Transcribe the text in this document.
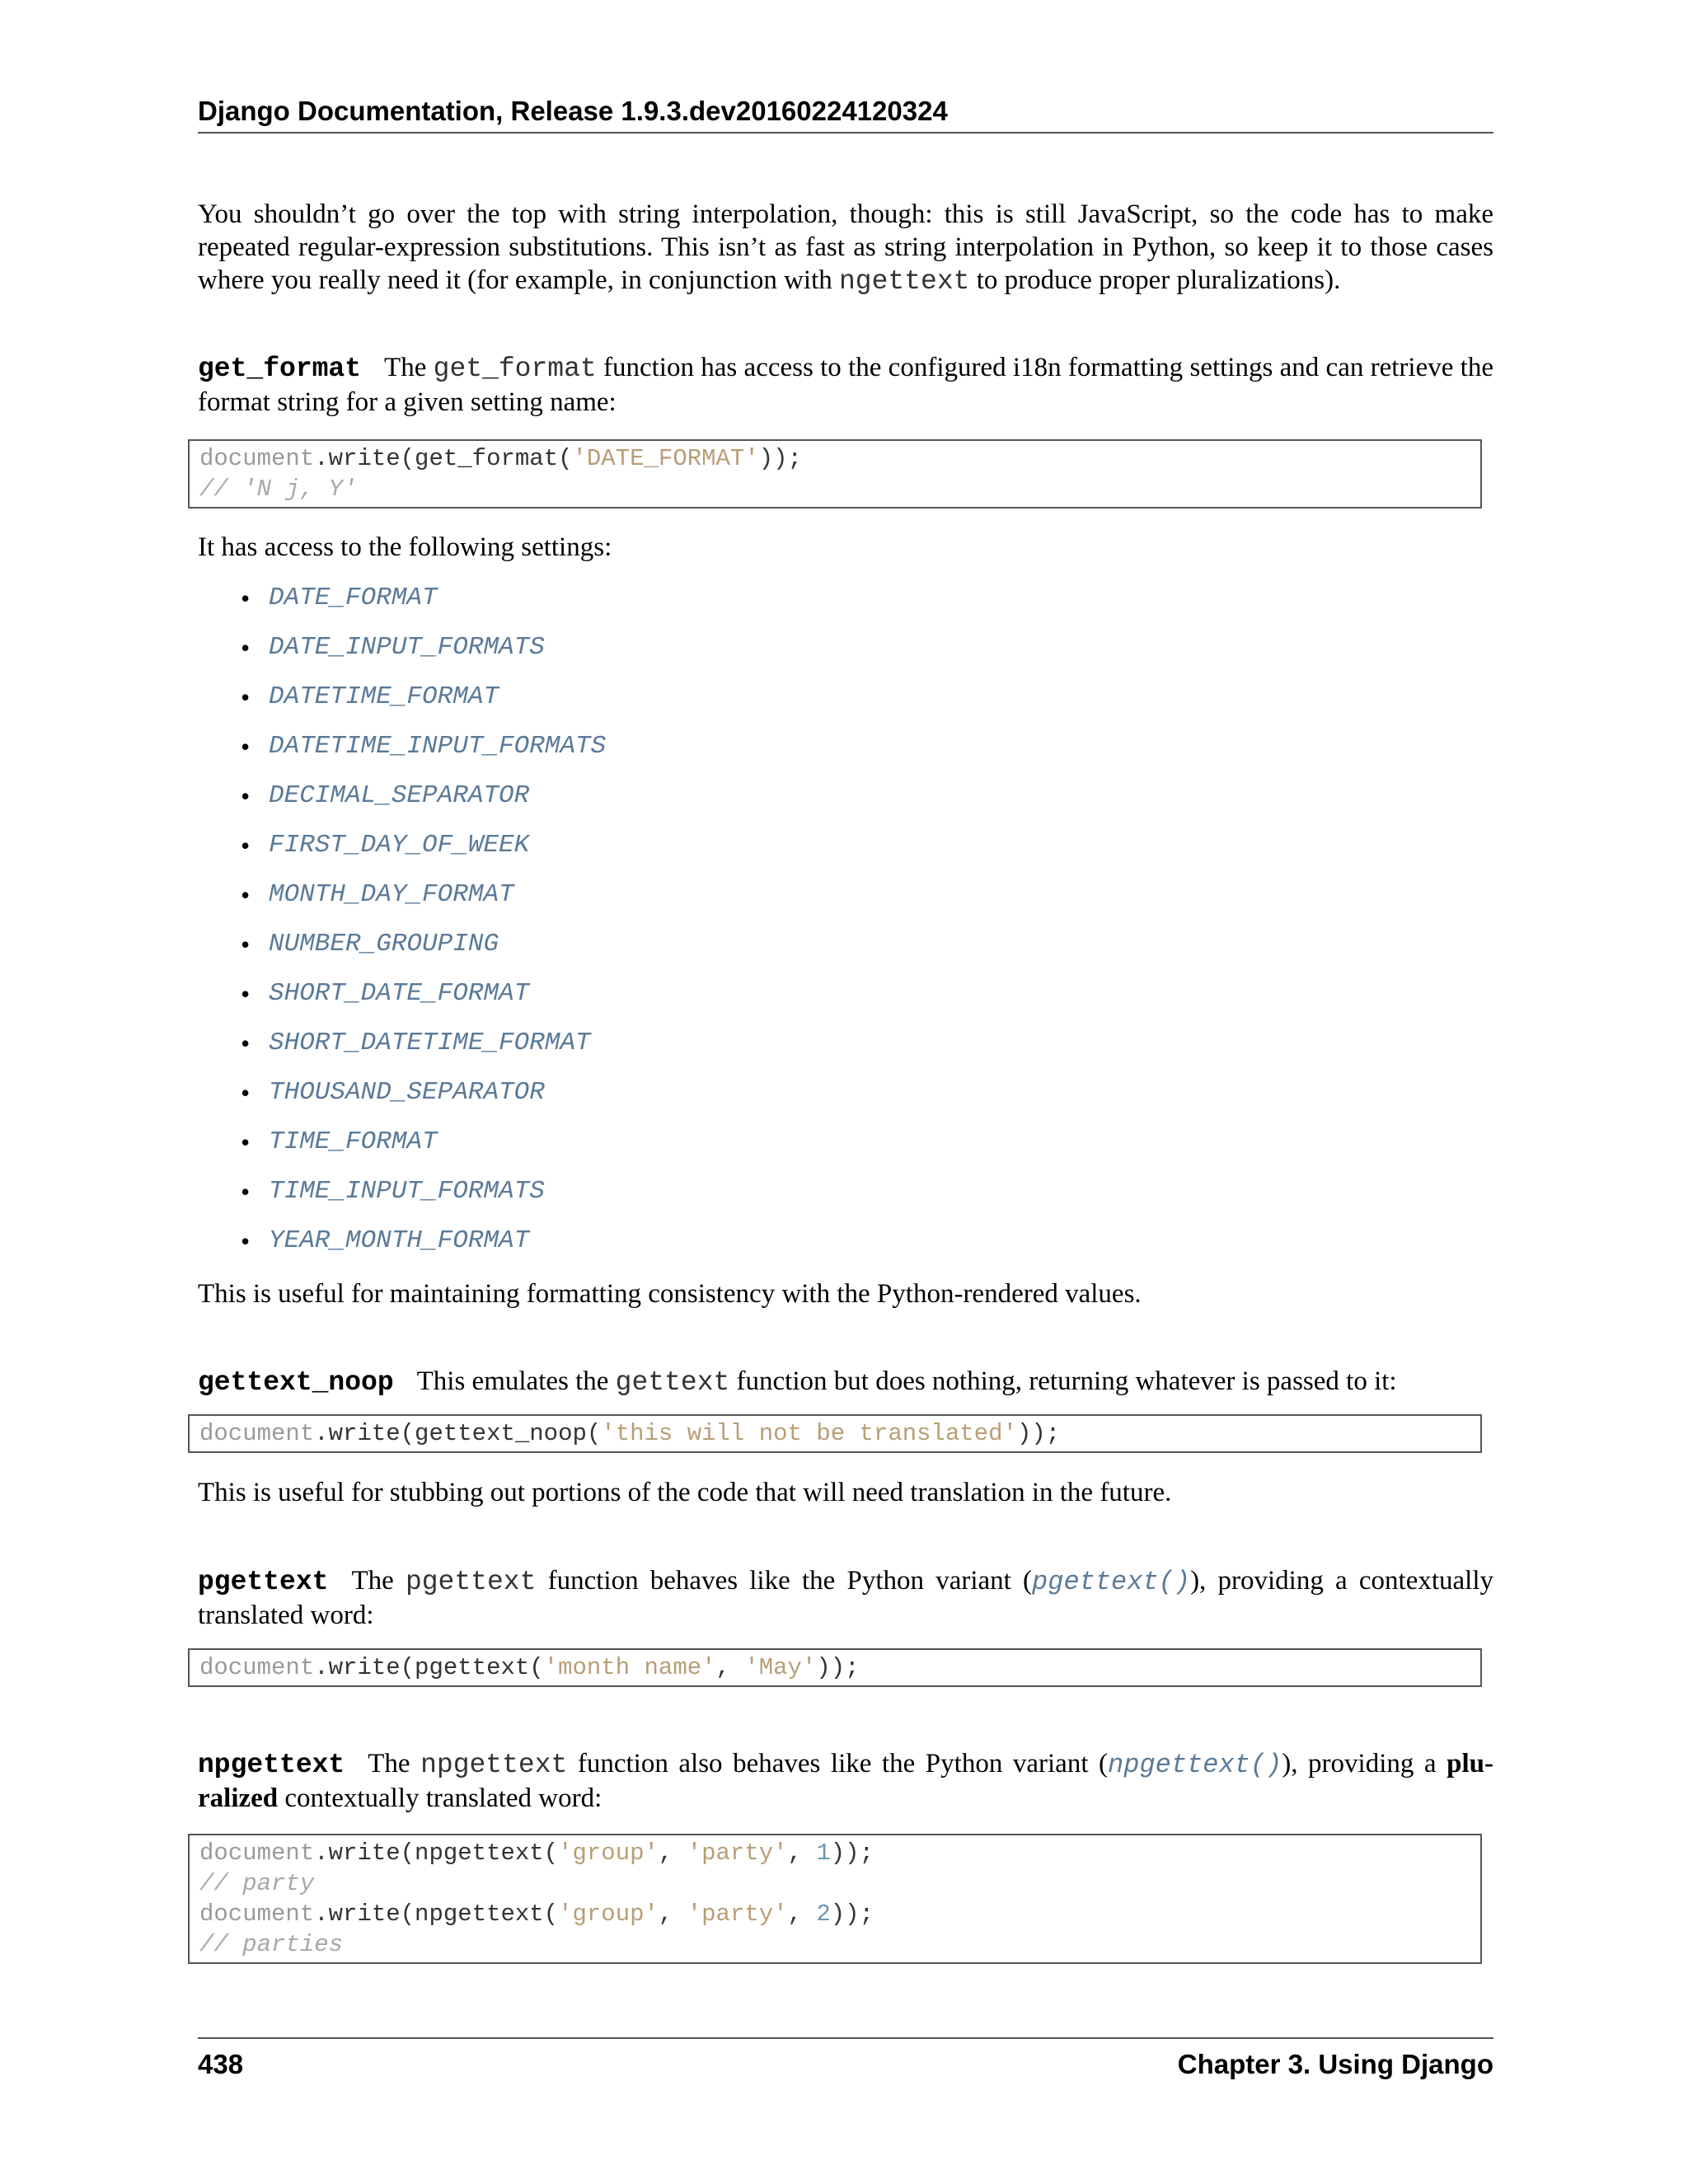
Django Documentation, Release 1.9.3.dev20160224120324

You shouldn’t go over the top with string interpolation, though: this is still JavaScript, so the code has to make repeated regular-expression substitutions. This isn’t as fast as string interpolation in Python, so keep it to those cases where you really need it (for example, in conjunction with ngettext to produce proper pluralizations).

get_format The get_format function has access to the configured i18n formatting settings and can retrieve the format string for a given setting name:

document.write(get_format('DATE_FORMAT'));
// 'N j, Y'

It has access to the following settings:

• DATE_FORMAT
• DATE_INPUT_FORMATS
• DATETIME_FORMAT
• DATETIME_INPUT_FORMATS
• DECIMAL_SEPARATOR
• FIRST_DAY_OF_WEEK
• MONTH_DAY_FORMAT
• NUMBER_GROUPING
• SHORT_DATE_FORMAT
• SHORT_DATETIME_FORMAT
• THOUSAND_SEPARATOR
• TIME_FORMAT
• TIME_INPUT_FORMATS
• YEAR_MONTH_FORMAT

This is useful for maintaining formatting consistency with the Python-rendered values.

gettext_noop This emulates the gettext function but does nothing, returning whatever is passed to it:

document.write(gettext_noop('this will not be translated'));

This is useful for stubbing out portions of the code that will need translation in the future.

pgettext The pgettext function behaves like the Python variant (pgettext()), providing a contextually translated word:

document.write(pgettext('month name', 'May'));

npgettext The npgettext function also behaves like the Python variant (npgettext()), providing a plu-ralized contextually translated word:

document.write(npgettext('group', 'party', 1));
// party
document.write(npgettext('group', 'party', 2));
// parties
438	Chapter 3. Using Django
